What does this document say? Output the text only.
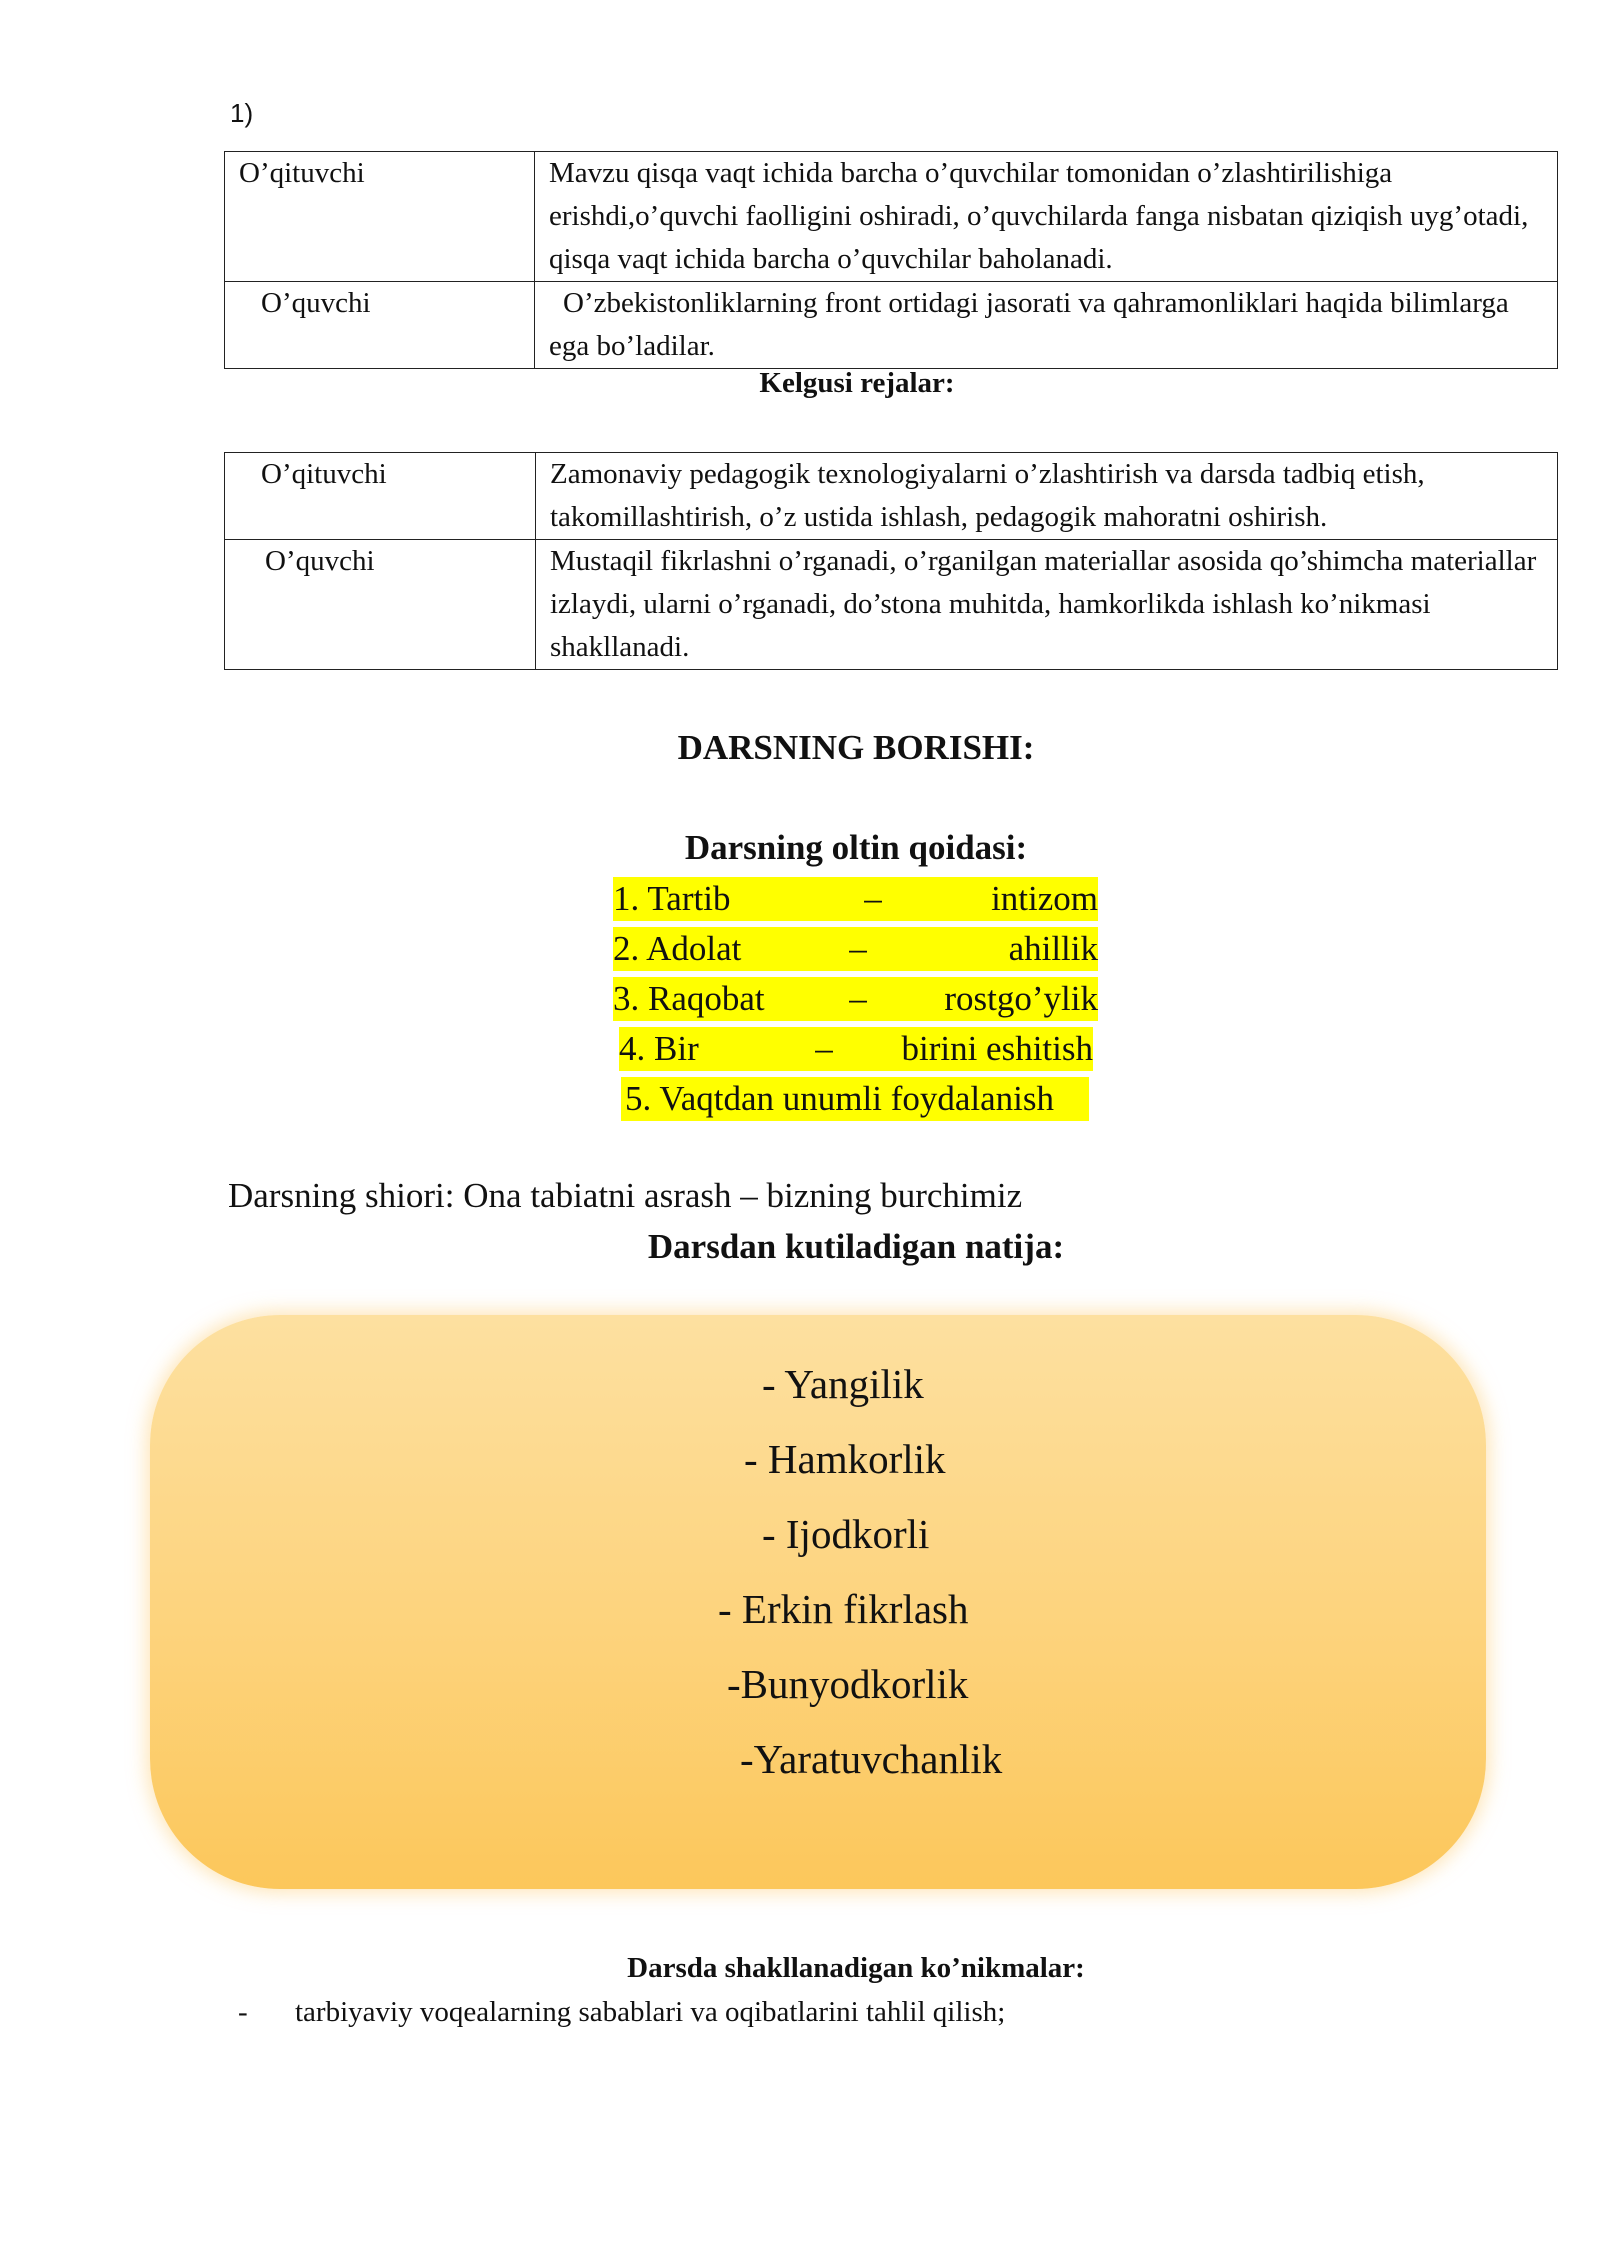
1)
O’qituvchi	Mavzu qisqa vaqt ichida barcha o’quvchilar tomonidan o’zlashtirilishiga erishdi,o’quvchi faolligini oshiradi, o’quvchilarda fanga nisbatan qiziqish uyg’otadi, qisqa vaqt ichida barcha o’quvchilar baholanadi.
O’quvchi	O’zbekistonliklarning front ortidagi jasorati va qahramonliklari haqida bilimlarga ega bo’ladilar.
Kelgusi rejalar:
O’qituvchi	Zamonaviy pedagogik texnologiyalarni o’zlashtirish va darsda tadbiq etish, takomillashtirish, o’z ustida ishlash, pedagogik mahoratni oshirish.
O’quvchi	Mustaqil fikrlashni o’rganadi, o’rganilgan materiallar asosida qo’shimcha materiallar izlaydi, ularni o’rganadi, do’stona muhitda, hamkorlikda ishlash ko’nikmasi shakllanadi.
DARSNING BORISHI:
Darsning oltin qoidasi:
1. Tartib	–	intizom
2. Adolat	–	ahillik
3. Raqobat	–	rostgo’ylik
4. Bir	–	birini eshitish
5. Vaqtdan unumli foydalanish
Darsning shiori: Ona tabiatni asrash – bizning burchimiz
Darsdan kutiladigan natija:
- Yangilik
- Hamkorlik
- Ijodkorli
- Erkin fikrlash
-Bunyodkorlik
-Yaratuvchanlik
Darsda shakllanadigan ko’nikmalar:
- tarbiyaviy voqealarning sabablari va oqibatlarini tahlil qilish;
